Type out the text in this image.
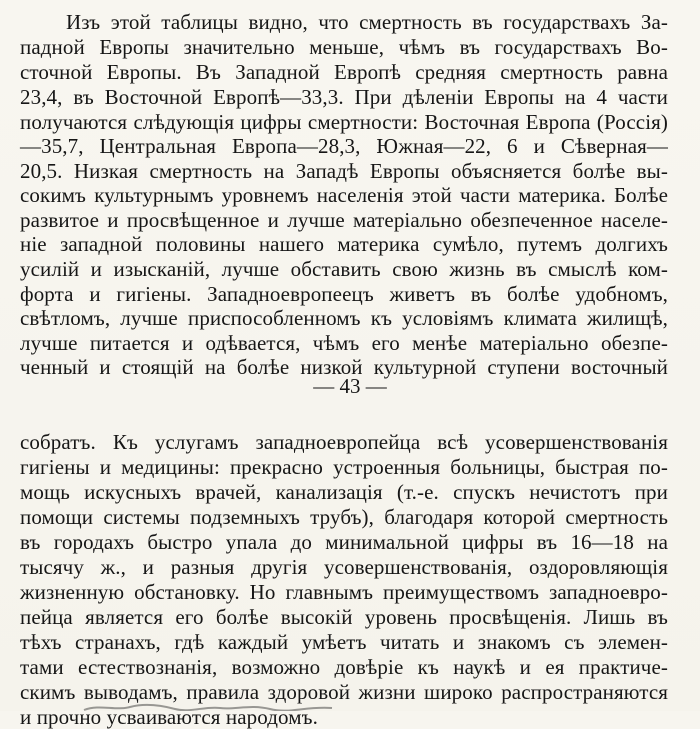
Изъ этой таблицы видно, что смертность въ государствахъ За-
падной Европы значительно меньше, чѣмъ въ государствахъ Во-
сточной Европы. Въ Западной Европѣ средняя смертность равна
23,4, въ Восточной Европѣ—33,3. При дѣленіи Европы на 4 части
получаются слѣдующія цифры смертности: Восточная Европа (Россія)
—35,7, Центральная Европа—28,3, Южная—22, 6 и Сѣверная—
20,5. Низкая смертность на Западѣ Европы объясняется болѣе вы-
сокимъ культурнымъ уровнемъ населенія этой части материка. Болѣе
развитое и просвѣщенное и лучше матеріально обезпеченное населе-
ніе западной половины нашего материка сумѣло, путемъ долгихъ
усилій и изысканій, лучше обставить свою жизнь въ смыслѣ ком-
форта и гигіены. Западноевропеецъ живетъ въ болѣе удобномъ,
свѣтломъ, лучше приспособленномъ къ условіямъ климата жилищѣ,
лучше питается и одѣвается, чѣмъ его менѣе матеріально обезпе-
ченный и стоящій на болѣе низкой культурной ступени восточный
— 43 —
собратъ. Къ услугамъ западноевропейца всѣ усовершенствованія
гигіены и медицины: прекрасно устроенныя больницы, быстрая по-
мощь искусныхъ врачей, канализація (т.-е. спускъ нечистотъ при
помощи системы подземныхъ трубъ), благодаря которой смертность
въ городахъ быстро упала до минимальной цифры въ 16—18 на
тысячу ж., и разныя другія усовершенствованія, оздоровляющія
жизненную обстановку. Но главнымъ преимуществомъ западноевро-
пейца является его болѣе высокій уровень просвѣщенія. Лишь въ
тѣхъ странахъ, гдѣ каждый умѣетъ читать и знакомъ съ элемен-
тами естествознанія, возможно довѣріе къ наукѣ и ея практиче-
скимъ выводамъ, правила здоровой жизни широко распространяются
и прочно усваиваются народомъ.
